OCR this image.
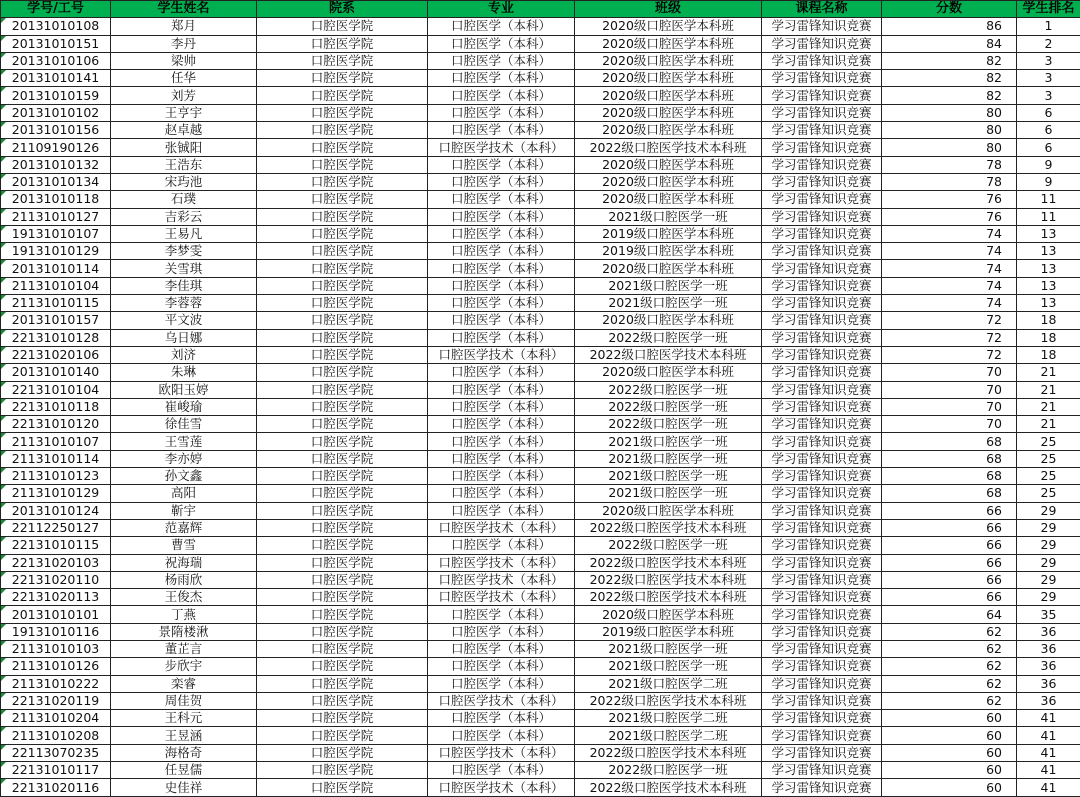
学号/工号	学生姓名	院系	专业	班级	课程名称	分数	学生排名
20131010108	郑月	口腔医学院	口腔医学（本科）	2020级口腔医学本科班	学习雷锋知识竞赛	86	1
20131010151	李丹	口腔医学院	口腔医学（本科）	2020级口腔医学本科班	学习雷锋知识竞赛	84	2
20131010106	梁帅	口腔医学院	口腔医学（本科）	2020级口腔医学本科班	学习雷锋知识竞赛	82	3
20131010141	任华	口腔医学院	口腔医学（本科）	2020级口腔医学本科班	学习雷锋知识竞赛	82	3
20131010159	刘芳	口腔医学院	口腔医学（本科）	2020级口腔医学本科班	学习雷锋知识竞赛	82	3
20131010102	王亨宇	口腔医学院	口腔医学（本科）	2020级口腔医学本科班	学习雷锋知识竞赛	80	6
20131010156	赵卓越	口腔医学院	口腔医学（本科）	2020级口腔医学本科班	学习雷锋知识竞赛	80	6
21109190126	张铖阳	口腔医学院	口腔医学技术（本科）	2022级口腔医学技术本科班	学习雷锋知识竞赛	80	6
20131010132	王浩东	口腔医学院	口腔医学（本科）	2020级口腔医学本科班	学习雷锋知识竞赛	78	9
20131010134	宋玙池	口腔医学院	口腔医学（本科）	2020级口腔医学本科班	学习雷锋知识竞赛	78	9
20131010118	石璞	口腔医学院	口腔医学（本科）	2020级口腔医学本科班	学习雷锋知识竞赛	76	11
21131010127	吉彩云	口腔医学院	口腔医学（本科）	2021级口腔医学一班	学习雷锋知识竞赛	76	11
19131010107	王易凡	口腔医学院	口腔医学（本科）	2019级口腔医学本科班	学习雷锋知识竞赛	74	13
19131010129	李梦雯	口腔医学院	口腔医学（本科）	2019级口腔医学本科班	学习雷锋知识竞赛	74	13
20131010114	关雪琪	口腔医学院	口腔医学（本科）	2020级口腔医学本科班	学习雷锋知识竞赛	74	13
21131010104	李佳琪	口腔医学院	口腔医学（本科）	2021级口腔医学一班	学习雷锋知识竞赛	74	13
21131010115	李蓉蓉	口腔医学院	口腔医学（本科）	2021级口腔医学一班	学习雷锋知识竞赛	74	13
20131010157	平文波	口腔医学院	口腔医学（本科）	2020级口腔医学本科班	学习雷锋知识竞赛	72	18
22131010128	乌日娜	口腔医学院	口腔医学（本科）	2022级口腔医学一班	学习雷锋知识竞赛	72	18
22131020106	刘济	口腔医学院	口腔医学技术（本科）	2022级口腔医学技术本科班	学习雷锋知识竞赛	72	18
20131010140	朱琳	口腔医学院	口腔医学（本科）	2020级口腔医学本科班	学习雷锋知识竞赛	70	21
22131010104	欧阳玉婷	口腔医学院	口腔医学（本科）	2022级口腔医学一班	学习雷锋知识竞赛	70	21
22131010118	崔峻瑜	口腔医学院	口腔医学（本科）	2022级口腔医学一班	学习雷锋知识竞赛	70	21
22131010120	徐佳雪	口腔医学院	口腔医学（本科）	2022级口腔医学一班	学习雷锋知识竞赛	70	21
21131010107	王雪莲	口腔医学院	口腔医学（本科）	2021级口腔医学一班	学习雷锋知识竞赛	68	25
21131010114	李亦婷	口腔医学院	口腔医学（本科）	2021级口腔医学一班	学习雷锋知识竞赛	68	25
21131010123	孙文鑫	口腔医学院	口腔医学（本科）	2021级口腔医学一班	学习雷锋知识竞赛	68	25
21131010129	高阳	口腔医学院	口腔医学（本科）	2021级口腔医学一班	学习雷锋知识竞赛	68	25
20131010124	靳宇	口腔医学院	口腔医学（本科）	2020级口腔医学本科班	学习雷锋知识竞赛	66	29
22112250127	范嘉辉	口腔医学院	口腔医学技术（本科）	2022级口腔医学技术本科班	学习雷锋知识竞赛	66	29
22131010115	曹雪	口腔医学院	口腔医学（本科）	2022级口腔医学一班	学习雷锋知识竞赛	66	29
22131020103	祝海瑞	口腔医学院	口腔医学技术（本科）	2022级口腔医学技术本科班	学习雷锋知识竞赛	66	29
22131020110	杨雨欣	口腔医学院	口腔医学技术（本科）	2022级口腔医学技术本科班	学习雷锋知识竞赛	66	29
22131020113	王俊杰	口腔医学院	口腔医学技术（本科）	2022级口腔医学技术本科班	学习雷锋知识竞赛	66	29
20131010101	丁燕	口腔医学院	口腔医学（本科）	2020级口腔医学本科班	学习雷锋知识竞赛	64	35
19131010116	景隋楼湫	口腔医学院	口腔医学（本科）	2019级口腔医学本科班	学习雷锋知识竞赛	62	36
21131010103	董芷言	口腔医学院	口腔医学（本科）	2021级口腔医学一班	学习雷锋知识竞赛	62	36
21131010126	步欣宇	口腔医学院	口腔医学（本科）	2021级口腔医学一班	学习雷锋知识竞赛	62	36
21131010222	栾睿	口腔医学院	口腔医学（本科）	2021级口腔医学二班	学习雷锋知识竞赛	62	36
22131020119	周佳贺	口腔医学院	口腔医学技术（本科）	2022级口腔医学技术本科班	学习雷锋知识竞赛	62	36
21131010204	王科元	口腔医学院	口腔医学（本科）	2021级口腔医学二班	学习雷锋知识竞赛	60	41
21131010208	王昱涵	口腔医学院	口腔医学（本科）	2021级口腔医学二班	学习雷锋知识竞赛	60	41
22113070235	海格奇	口腔医学院	口腔医学技术（本科）	2022级口腔医学技术本科班	学习雷锋知识竞赛	60	41
22131010117	任昱儒	口腔医学院	口腔医学（本科）	2022级口腔医学一班	学习雷锋知识竞赛	60	41
22131020116	史佳祥	口腔医学院	口腔医学技术（本科）	2022级口腔医学技术本科班	学习雷锋知识竞赛	60	41
